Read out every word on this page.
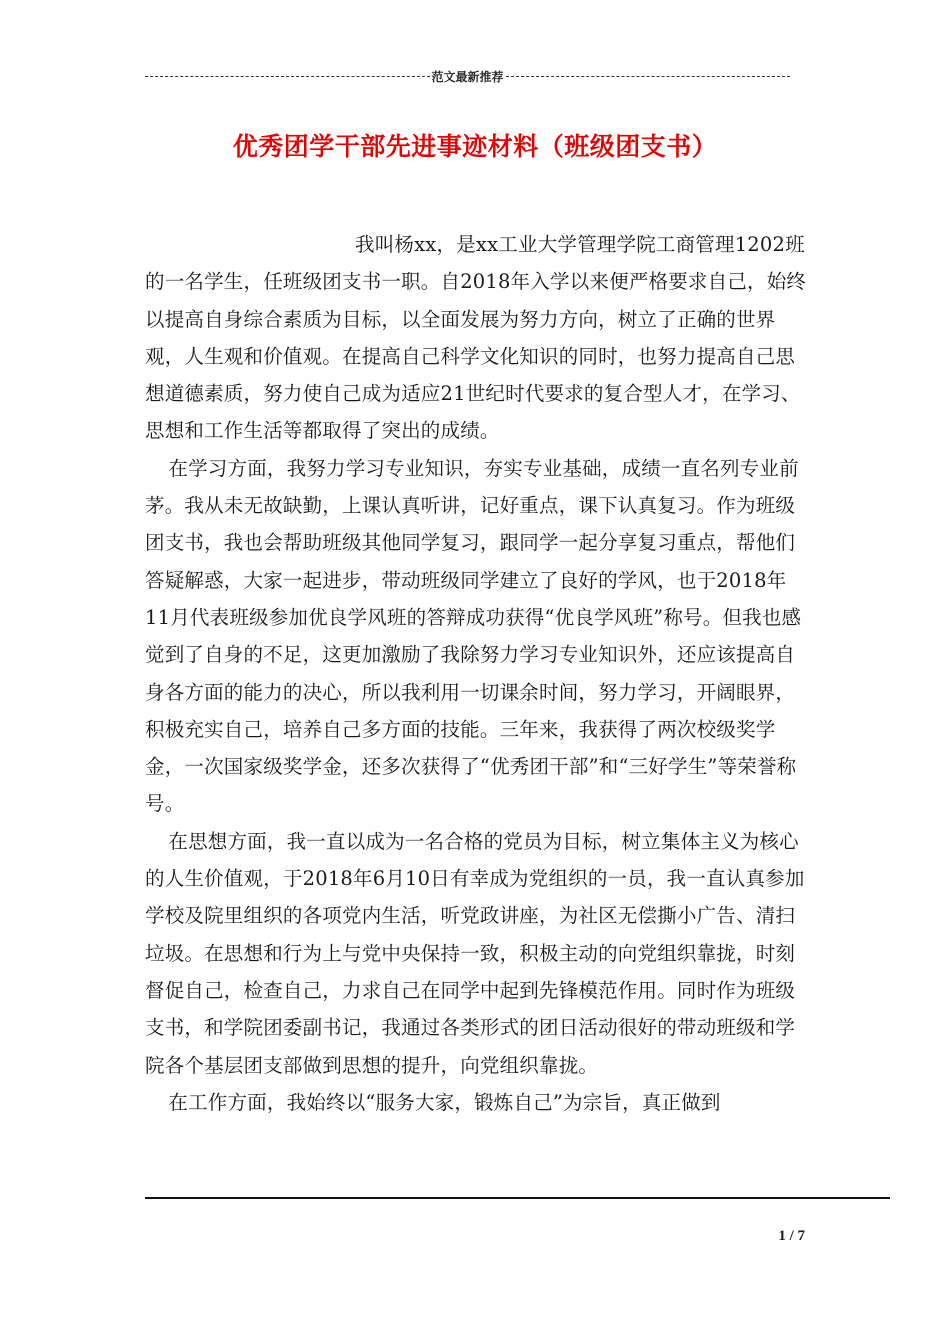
范文最新推荐
优秀团学干部先进事迹材料（班级团支书）

我叫杨xx，是xx工业大学管理学院工商管理1202班的一名学生，任班级团支书一职。自2018年入学以来便严格要求自己，始终以提高自身综合素质为目标，以全面发展为努力方向，树立了正确的世界观，人生观和价值观。在提高自己科学文化知识的同时，也努力提高自己思想道德素质，努力使自己成为适应21世纪时代要求的复合型人才，在学习、思想和工作生活等都取得了突出的成绩。

在学习方面，我努力学习专业知识，夯实专业基础，成绩一直名列专业前茅。我从未无故缺勤，上课认真听讲，记好重点，课下认真复习。作为班级团支书，我也会帮助班级其他同学复习，跟同学一起分享复习重点，帮他们答疑解惑，大家一起进步，带动班级同学建立了良好的学风，也于2018年11月代表班级参加优良学风班的答辩成功获得“优良学风班”称号。但我也感觉到了自身的不足，这更加激励了我除努力学习专业知识外，还应该提高自身各方面的能力的决心，所以我利用一切课余时间，努力学习，开阔眼界，积极充实自己，培养自己多方面的技能。三年来，我获得了两次校级奖学金，一次国家级奖学金，还多次获得了“优秀团干部”和“三好学生”等荣誉称号。

在思想方面，我一直以成为一名合格的党员为目标，树立集体主义为核心的人生价值观，于2018年6月10日有幸成为党组织的一员，我一直认真参加学校及院里组织的各项党内生活，听党政讲座，为社区无偿撕小广告、清扫垃圾。在思想和行为上与党中央保持一致，积极主动的向党组织靠拢，时刻督促自己，检查自己，力求自己在同学中起到先锋模范作用。同时作为班级支书，和学院团委副书记，我通过各类形式的团日活动很好的带动班级和学院各个基层团支部做到思想的提升，向党组织靠拢。

在工作方面，我始终以“服务大家，锻炼自己”为宗旨，真正做到

1 / 7
